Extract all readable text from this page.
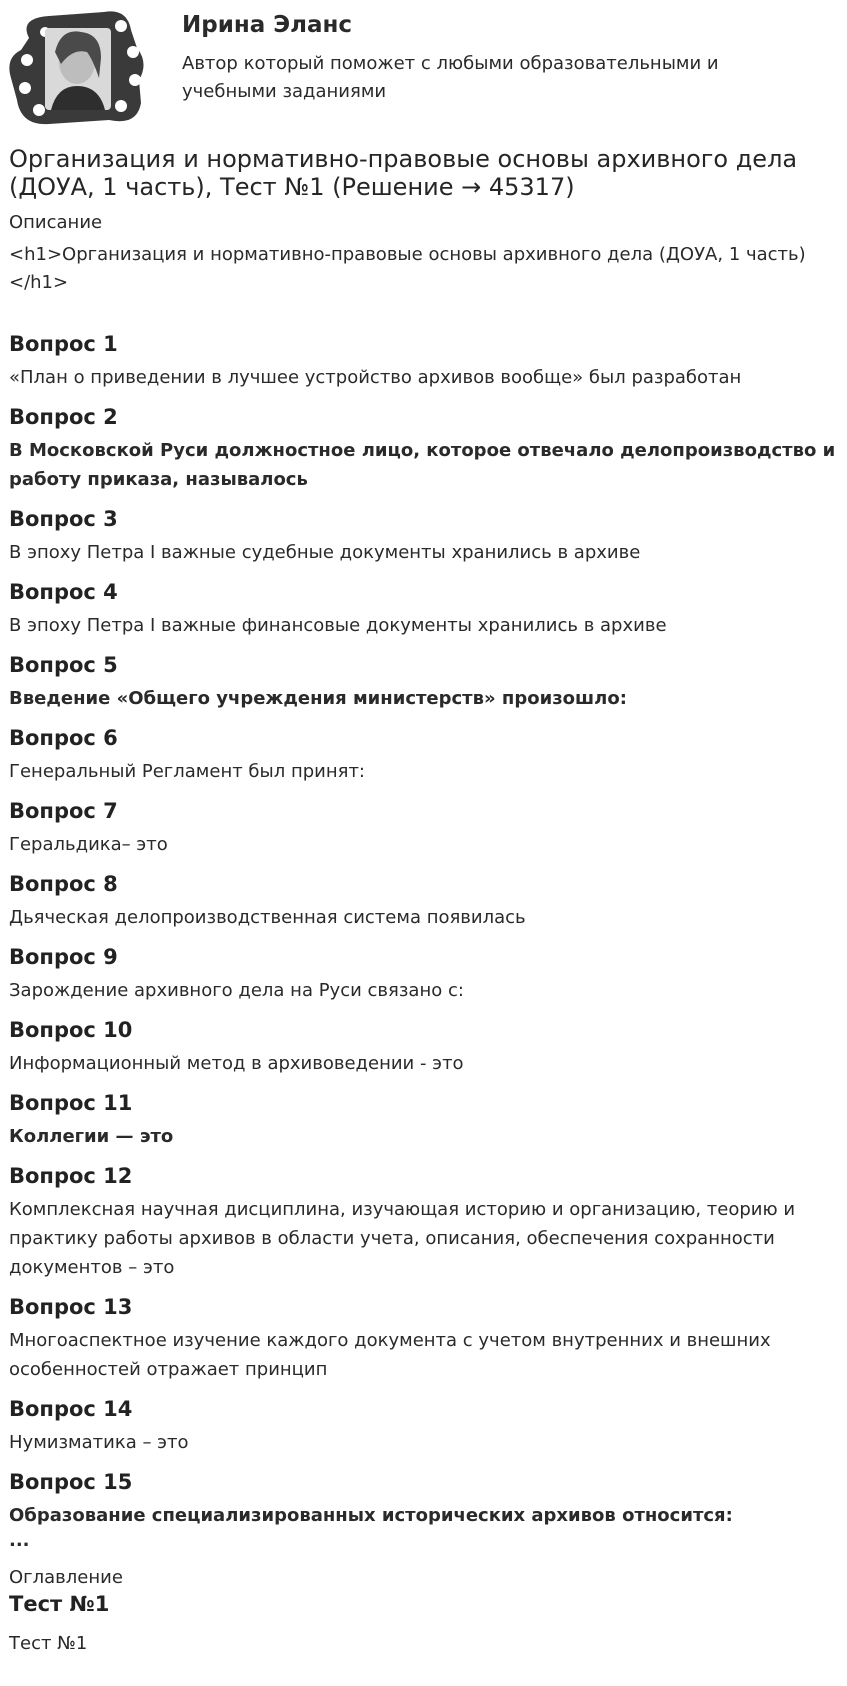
Ирина Эланс
Автор который поможет с любыми образовательными и учебными заданиями
Организация и нормативно-правовые основы архивного дела (ДОУА, 1 часть), Тест №1 (Решение → 45317)
Описание
<h1>Организация и нормативно-правовые основы архивного дела (ДОУА, 1 часть)</h1>
Вопрос 1
«План о приведении в лучшее устройство архивов вообще» был разработан
Вопрос 2
В Московской Руси должностное лицо, которое отвечало делопроизводство и работу приказа, называлось
Вопрос 3
В эпоху Петра I важные судебные документы хранились в архиве
Вопрос 4
В эпоху Петра I важные финансовые документы хранились в архиве
Вопрос 5
Введение «Общего учреждения министерств» произошло:
Вопрос 6
Генеральный Регламент был принят:
Вопрос 7
Геральдика– это
Вопрос 8
Дьяческая делопроизводственная система появилась
Вопрос 9
Зарождение архивного дела на Руси связано с:
Вопрос 10
Информационный метод в архивоведении - это
Вопрос 11
Коллегии — это
Вопрос 12
Комплексная научная дисциплина, изучающая историю и организацию, теорию и практику работы архивов в области учета, описания, обеспечения сохранности документов – это
Вопрос 13
Многоаспектное изучение каждого документа с учетом внутренних и внешних особенностей отражает принцип
Вопрос 14
Нумизматика – это
Вопрос 15
Образование специализированных исторических архивов относится:
...
Оглавление
Тест №1
Тест №1
